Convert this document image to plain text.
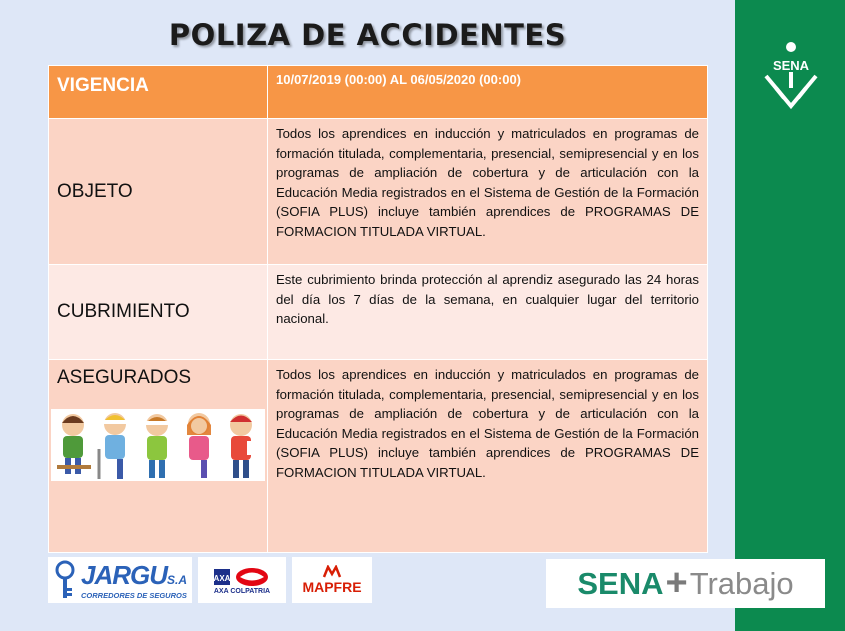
SENA
POLIZA DE ACCIDENTES
VIGENCIA	10/07/2019 (00:00) AL 06/05/2020 (00:00)

OBJETO	Todos los aprendices en inducción y matriculados en programas de formación titulada, complementaria, presencial, semipresencial y en los programas de ampliación de cobertura y de articulación con la Educación Media registrados en el Sistema de Gestión de la Formación (SOFIA PLUS) incluye también aprendices de PROGRAMAS DE FORMACION TITULADA VIRTUAL.

CUBRIMIENTO	Este cubrimiento brinda protección al aprendiz asegurado las 24 horas del día los 7 días de la semana, en cualquier lugar del territorio nacional.

ASEGURADOS	Todos los aprendices en inducción y matriculados en programas de formación titulada, complementaria, presencial, semipresencial y en los programas de ampliación de cobertura y de articulación con la Educación Media registrados en el Sistema de Gestión de la Formación (SOFIA PLUS) incluye también aprendices de PROGRAMAS DE FORMACION TITULADA VIRTUAL.
JARGU S.A
CORREDORES DE SEGUROS
AXA
AXA COLPATRIA MAPFRE	SENA + Trabajo
